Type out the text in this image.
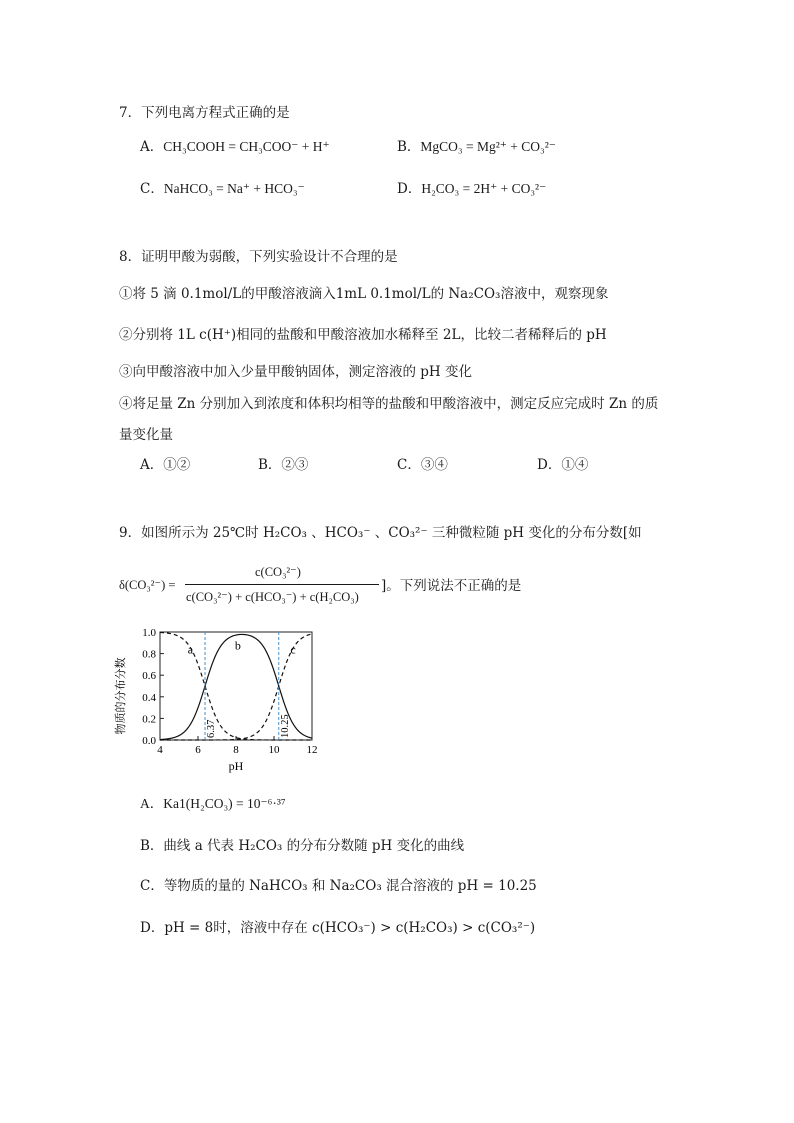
7．下列电离方程式正确的是
A．CH₃COOH = CH₃COO⁻ + H⁺	B．MgCO₃ = Mg²⁺ + CO₃²⁻
C．NaHCO₃ = Na⁺ + HCO₃⁻	D．H₂CO₃ = 2H⁺ + CO₃²⁻
8．证明甲酸为弱酸，下列实验设计不合理的是
①将 5 滴 0.1mol/L的甲酸溶液滴入1mL 0.1mol/L的 Na₂CO₃溶液中，观察现象
②分别将 1L c(H⁺)相同的盐酸和甲酸溶液加水稀释至 2L，比较二者稀释后的 pH
③向甲酸溶液中加入少量甲酸钠固体，测定溶液的 pH 变化
④将足量 Zn 分别加入到浓度和体积均相等的盐酸和甲酸溶液中，测定反应完成时 Zn 的质
量变化量
A．①②	B．②③	C．③④	D．①④
9．如图所示为 25℃时 H₂CO₃ 、HCO₃⁻ 、CO₃²⁻ 三种微粒随 pH 变化的分布分数[如
δ(CO₃²⁻) =
c(CO₃²⁻)
c(CO₃²⁻) + c(HCO₃⁻) + c(H₂CO₃)
]。下列说法不正确的是
物质的分布分数
0.0
0.2
0.4
0.6
0.8
1.0
4	6	8	10 12
a	b	c
6.37	10.25
pH
A．Ka1(H₂CO₃) = 10⁻⁶·³⁷
B．曲线 a 代表 H₂CO₃ 的分布分数随 pH 变化的曲线
C．等物质的量的 NaHCO₃ 和 Na₂CO₃ 混合溶液的 pH = 10.25
D．pH = 8时，溶液中存在 c(HCO₃⁻) > c(H₂CO₃) > c(CO₃²⁻)
